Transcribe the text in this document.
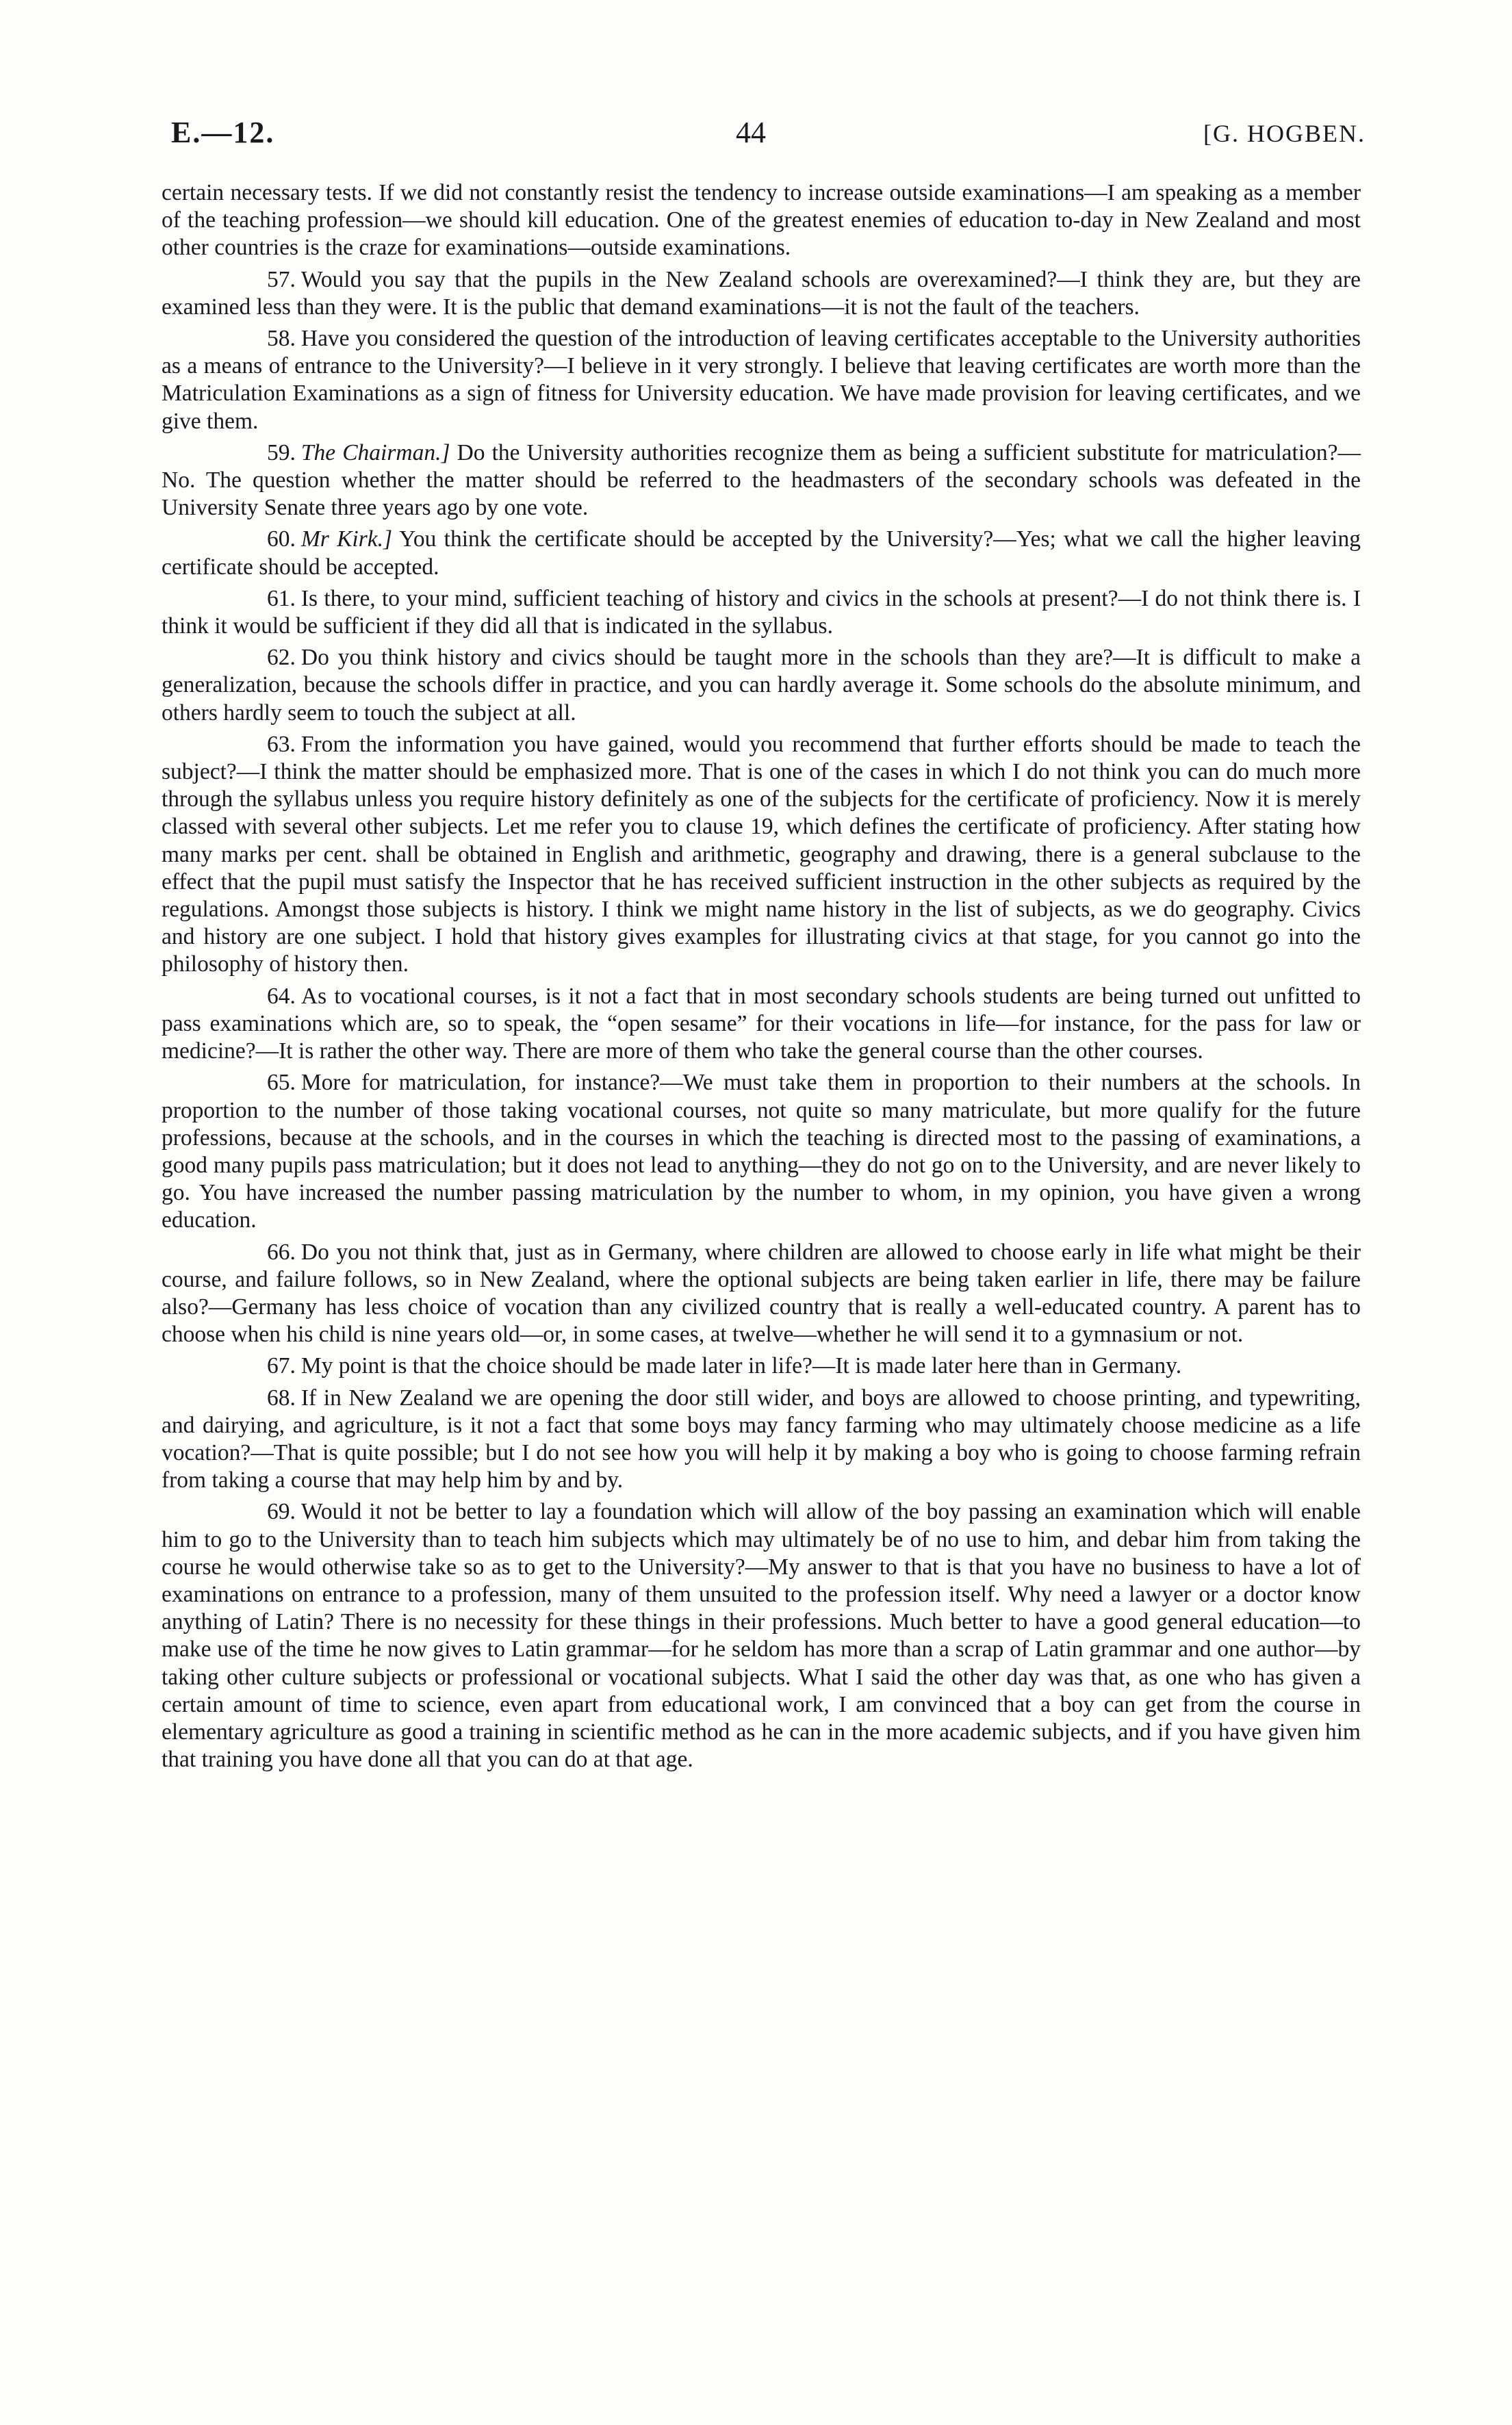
E.—12.	44	[G. HOGBEN.

certain necessary tests. If we did not constantly resist the tendency to increase outside examinations—I am speaking as a member of the teaching profession—we should kill education. One of the greatest enemies of education to-day in New Zealand and most other countries is the craze for examinations—outside examinations.

57. Would you say that the pupils in the New Zealand schools are overexamined?—I think they are, but they are examined less than they were. It is the public that demand examinations—it is not the fault of the teachers.

58. Have you considered the question of the introduction of leaving certificates acceptable to the University authorities as a means of entrance to the University?—I believe in it very strongly. I believe that leaving certificates are worth more than the Matriculation Examinations as a sign of fitness for University education. We have made provision for leaving certificates, and we give them.

59. The Chairman.] Do the University authorities recognize them as being a sufficient substitute for matriculation?—No. The question whether the matter should be referred to the headmasters of the secondary schools was defeated in the University Senate three years ago by one vote.

60. Mr Kirk.] You think the certificate should be accepted by the University?—Yes; what we call the higher leaving certificate should be accepted.

61. Is there, to your mind, sufficient teaching of history and civics in the schools at present?—I do not think there is. I think it would be sufficient if they did all that is indicated in the syllabus.

62. Do you think history and civics should be taught more in the schools than they are?—It is difficult to make a generalization, because the schools differ in practice, and you can hardly average it. Some schools do the absolute minimum, and others hardly seem to touch the subject at all.

63. From the information you have gained, would you recommend that further efforts should be made to teach the subject?—I think the matter should be emphasized more. That is one of the cases in which I do not think you can do much more through the syllabus unless you require history definitely as one of the subjects for the certificate of proficiency. Now it is merely classed with several other subjects. Let me refer you to clause 19, which defines the certificate of proficiency. After stating how many marks per cent. shall be obtained in English and arithmetic, geography and drawing, there is a general subclause to the effect that the pupil must satisfy the Inspector that he has received sufficient instruction in the other subjects as required by the regulations. Amongst those subjects is history. I think we might name history in the list of subjects, as we do geography. Civics and history are one subject. I hold that history gives examples for illustrating civics at that stage, for you cannot go into the philosophy of history then.

64. As to vocational courses, is it not a fact that in most secondary schools students are being turned out unfitted to pass examinations which are, so to speak, the “open sesame” for their vocations in life—for instance, for the pass for law or medicine?—It is rather the other way. There are more of them who take the general course than the other courses.

65. More for matriculation, for instance?—We must take them in proportion to their numbers at the schools. In proportion to the number of those taking vocational courses, not quite so many matriculate, but more qualify for the future professions, because at the schools, and in the courses in which the teaching is directed most to the passing of examinations, a good many pupils pass matriculation; but it does not lead to anything—they do not go on to the University, and are never likely to go. You have increased the number passing matriculation by the number to whom, in my opinion, you have given a wrong education.

66. Do you not think that, just as in Germany, where children are allowed to choose early in life what might be their course, and failure follows, so in New Zealand, where the optional subjects are being taken earlier in life, there may be failure also?—Germany has less choice of vocation than any civilized country that is really a well-educated country. A parent has to choose when his child is nine years old—or, in some cases, at twelve—whether he will send it to a gymnasium or not.

67. My point is that the choice should be made later in life?—It is made later here than in Germany.

68. If in New Zealand we are opening the door still wider, and boys are allowed to choose printing, and typewriting, and dairying, and agriculture, is it not a fact that some boys may fancy farming who may ultimately choose medicine as a life vocation?—That is quite possible; but I do not see how you will help it by making a boy who is going to choose farming refrain from taking a course that may help him by and by.

69. Would it not be better to lay a foundation which will allow of the boy passing an examination which will enable him to go to the University than to teach him subjects which may ultimately be of no use to him, and debar him from taking the course he would otherwise take so as to get to the University?—My answer to that is that you have no business to have a lot of examinations on entrance to a profession, many of them unsuited to the profession itself. Why need a lawyer or a doctor know anything of Latin? There is no necessity for these things in their professions. Much better to have a good general education—to make use of the time he now gives to Latin grammar—for he seldom has more than a scrap of Latin grammar and one author—by taking other culture subjects or professional or vocational subjects. What I said the other day was that, as one who has given a certain amount of time to science, even apart from educational work, I am convinced that a boy can get from the course in elementary agriculture as good a training in scientific method as he can in the more academic subjects, and if you have given him that training you have done all that you can do at that age.
